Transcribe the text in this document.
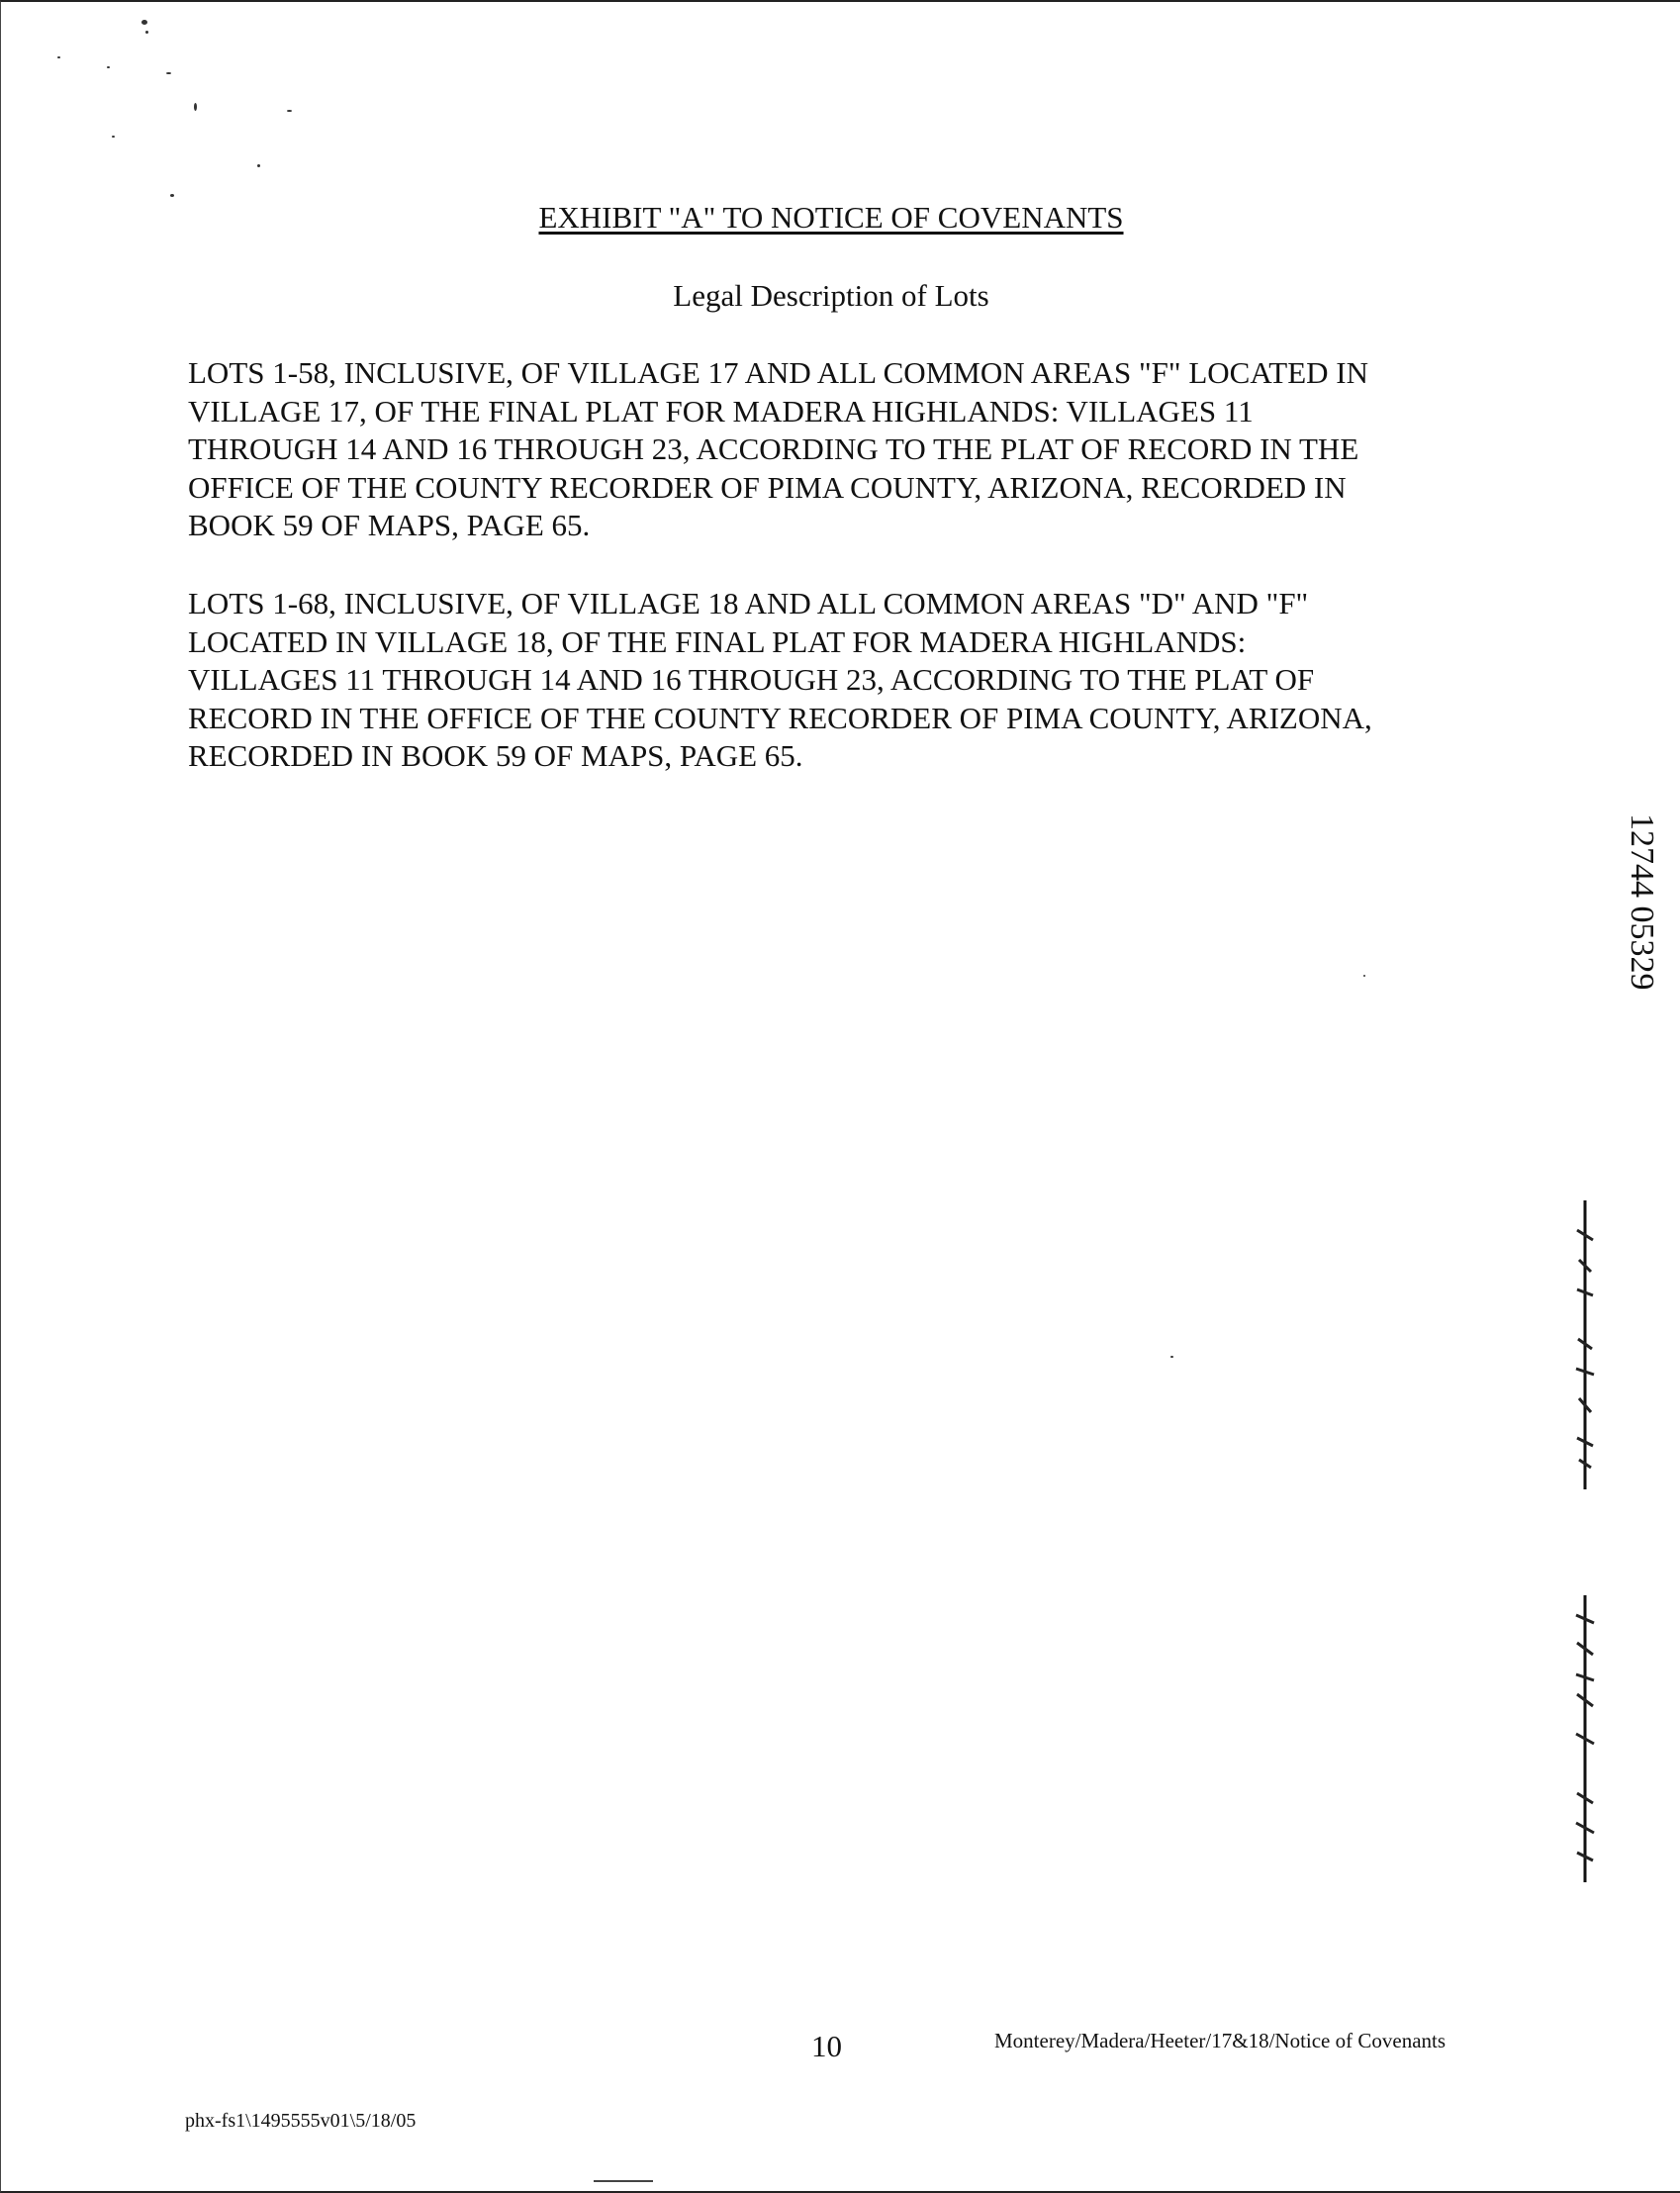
EXHIBIT "A" TO NOTICE OF COVENANTS
Legal Description of Lots

LOTS 1-58, INCLUSIVE, OF VILLAGE 17 AND ALL COMMON AREAS "F" LOCATED IN
VILLAGE 17, OF THE FINAL PLAT FOR MADERA HIGHLANDS: VILLAGES 11
THROUGH 14 AND 16 THROUGH 23, ACCORDING TO THE PLAT OF RECORD IN THE
OFFICE OF THE COUNTY RECORDER OF PIMA COUNTY, ARIZONA, RECORDED IN
BOOK 59 OF MAPS, PAGE 65.

LOTS 1-68, INCLUSIVE, OF VILLAGE 18 AND ALL COMMON AREAS "D" AND "F"
LOCATED IN VILLAGE 18, OF THE FINAL PLAT FOR MADERA HIGHLANDS:
VILLAGES 11 THROUGH 14 AND 16 THROUGH 23, ACCORDING TO THE PLAT OF
RECORD IN THE OFFICE OF THE COUNTY RECORDER OF PIMA COUNTY, ARIZONA,
RECORDED IN BOOK 59 OF MAPS, PAGE 65.

12744 05329
10	Monterey/Madera/Heeter/17&18/Notice of Covenants
phx-fs1\1495555v01\5/18/05
